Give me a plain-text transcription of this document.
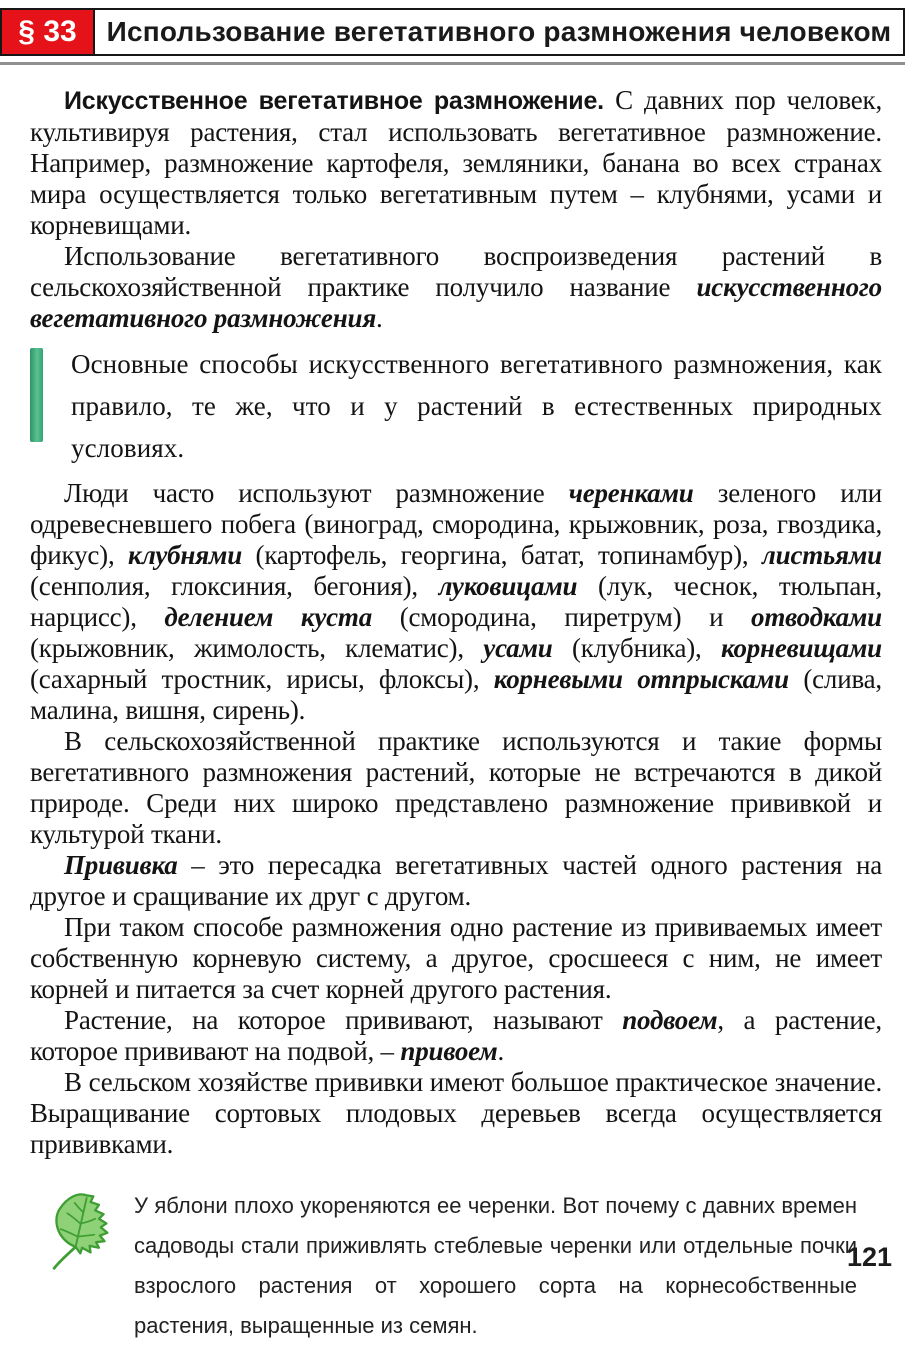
§ 33	Использование вегетативного размножения человеком

Искусственное вегетативное размножение. С давних пор человек, культивируя растения, стал использовать вегетативное размножение. Например, размножение картофеля, земляники, банана во всех странах мира осуществляется только вегетативным путем – клубнями, усами и корневищами.

Использование вегетативного воспроизведения растений в сельскохозяйственной практике получило название искусственного вегетативного размножения.

Основные способы искусственного вегетативного размножения, как правило, те же, что и у растений в естественных природных условиях.

Люди часто используют размножение черенками зеленого или одревесневшего побега (виноград, смородина, крыжовник, роза, гвоздика, фикус), клубнями (картофель, георгина, батат, топинамбур), листьями (сенполия, глоксиния, бегония), луковицами (лук, чеснок, тюльпан, нарцисс), делением куста (смородина, пиретрум) и отводками (крыжовник, жимолость, клематис), усами (клубника), корневищами (сахарный тростник, ирисы, флоксы), корневыми отпрысками (слива, малина, вишня, сирень).

В сельскохозяйственной практике используются и такие формы вегетативного размножения растений, которые не встречаются в дикой природе. Среди них широко представлено размножение прививкой и культурой ткани.

Прививка – это пересадка вегетативных частей одного растения на другое и сращивание их друг с другом.

При таком способе размножения одно растение из прививаемых имеет собственную корневую систему, а другое, сросшееся с ним, не имеет корней и питается за счет корней другого растения.

Растение, на которое прививают, называют подвоем, а растение, которое прививают на подвой, – привоем.

В сельском хозяйстве прививки имеют большое практическое значение. Выращивание сортовых плодовых деревьев всегда осуществляется прививками.

У яблони плохо укореняются ее черенки. Вот почему с давних времен садоводы стали приживлять стеблевые черенки или отдельные почки взрослого растения от хорошего сорта на корнесобственные растения, выращенные из семян.

121
